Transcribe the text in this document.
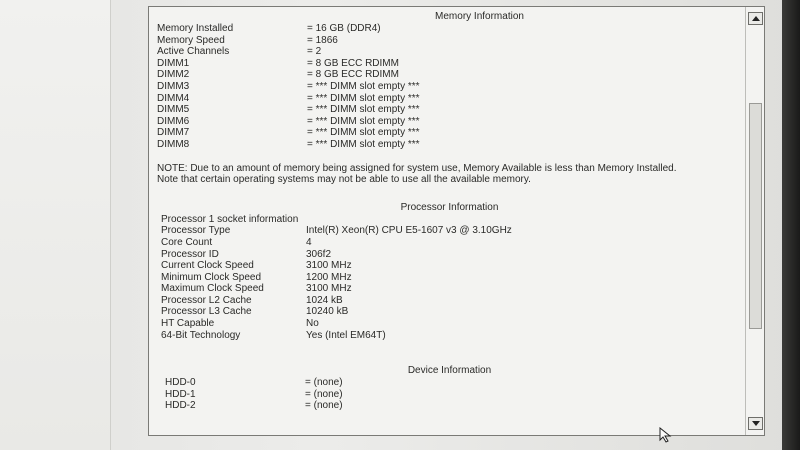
Memory Information
Memory Installed	= 16 GB (DDR4)
Memory Speed	= 1866
Active Channels	= 2
DIMM1	= 8 GB ECC RDIMM
DIMM2	= 8 GB ECC RDIMM
DIMM3	= *** DIMM slot empty ***
DIMM4	= *** DIMM slot empty ***
DIMM5	= *** DIMM slot empty ***
DIMM6	= *** DIMM slot empty ***
DIMM7	= *** DIMM slot empty ***
DIMM8	= *** DIMM slot empty ***
NOTE: Due to an amount of memory being assigned for system use, Memory Available is less than Memory Installed. Note that certain operating systems may not be able to use all the available memory.
Processor Information
Processor 1 socket information
Processor Type	Intel(R) Xeon(R) CPU E5-1607 v3 @ 3.10GHz
Core Count	4
Processor ID	306f2
Current Clock Speed	3100 MHz
Minimum Clock Speed	1200 MHz
Maximum Clock Speed	3100 MHz
Processor L2 Cache	1024 kB
Processor L3 Cache	10240 kB
HT Capable	No
64-Bit Technology	Yes (Intel EM64T)
Device Information
HDD-0	= (none)
HDD-1	= (none)
HDD-2	= (none)
